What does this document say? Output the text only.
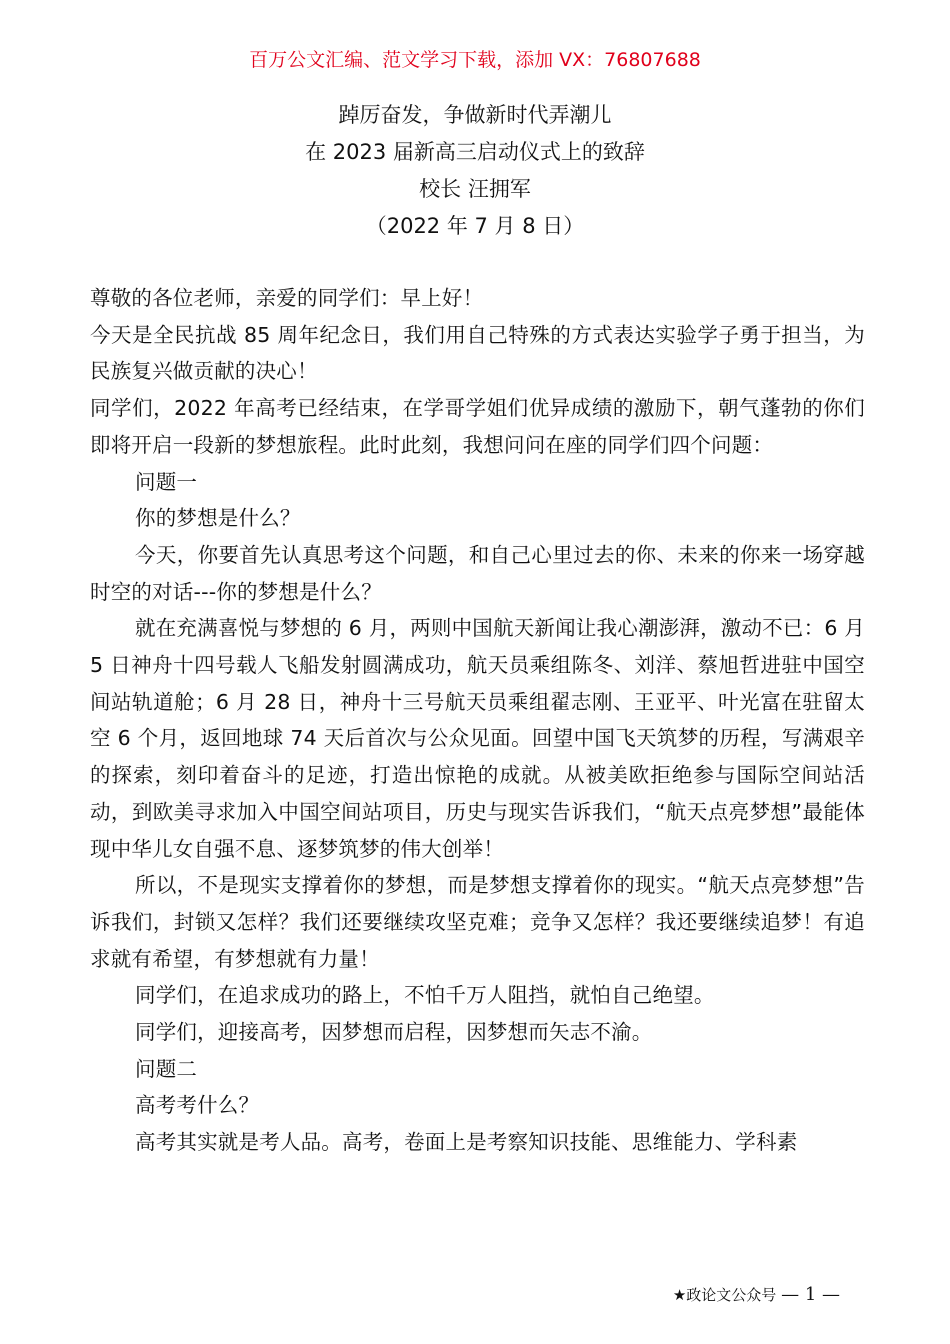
百万公文汇编、范文学习下载，添加 VX：76807688
踔厉奋发，争做新时代弄潮儿
在 2023 届新高三启动仪式上的致辞
校长 汪拥军
（2022 年 7 月 8 日）

尊敬的各位老师，亲爱的同学们：早上好！

今天是全民抗战 85 周年纪念日，我们用自己特殊的方式表达实验学子勇于担当，为民族复兴做贡献的决心！

同学们，2022 年高考已经结束，在学哥学姐们优异成绩的激励下，朝气蓬勃的你们即将开启一段新的梦想旅程。此时此刻，我想问问在座的同学们四个问题：

问题一

你的梦想是什么？

今天，你要首先认真思考这个问题，和自己心里过去的你、未来的你来一场穿越时空的对话---你的梦想是什么？

就在充满喜悦与梦想的 6 月，两则中国航天新闻让我心潮澎湃，激动不已：6 月 5 日神舟十四号载人飞船发射圆满成功，航天员乘组陈冬、刘洋、蔡旭哲进驻中国空间站轨道舱；6 月 28 日，神舟十三号航天员乘组翟志刚、王亚平、叶光富在驻留太空 6 个月，返回地球 74 天后首次与公众见面。回望中国飞天筑梦的历程，写满艰辛的探索，刻印着奋斗的足迹，打造出惊艳的成就。从被美欧拒绝参与国际空间站活动，到欧美寻求加入中国空间站项目，历史与现实告诉我们，“航天点亮梦想”最能体现中华儿女自强不息、逐梦筑梦的伟大创举！

所以，不是现实支撑着你的梦想，而是梦想支撑着你的现实。“航天点亮梦想”告诉我们，封锁又怎样？我们还要继续攻坚克难；竞争又怎样？我还要继续追梦！有追求就有希望，有梦想就有力量！

同学们，在追求成功的路上，不怕千万人阻挡，就怕自己绝望。

同学们，迎接高考，因梦想而启程，因梦想而矢志不渝。

问题二

高考考什么？

高考其实就是考人品。高考，卷面上是考察知识技能、思维能力、学科素

★政论文公众号 — 1 —
